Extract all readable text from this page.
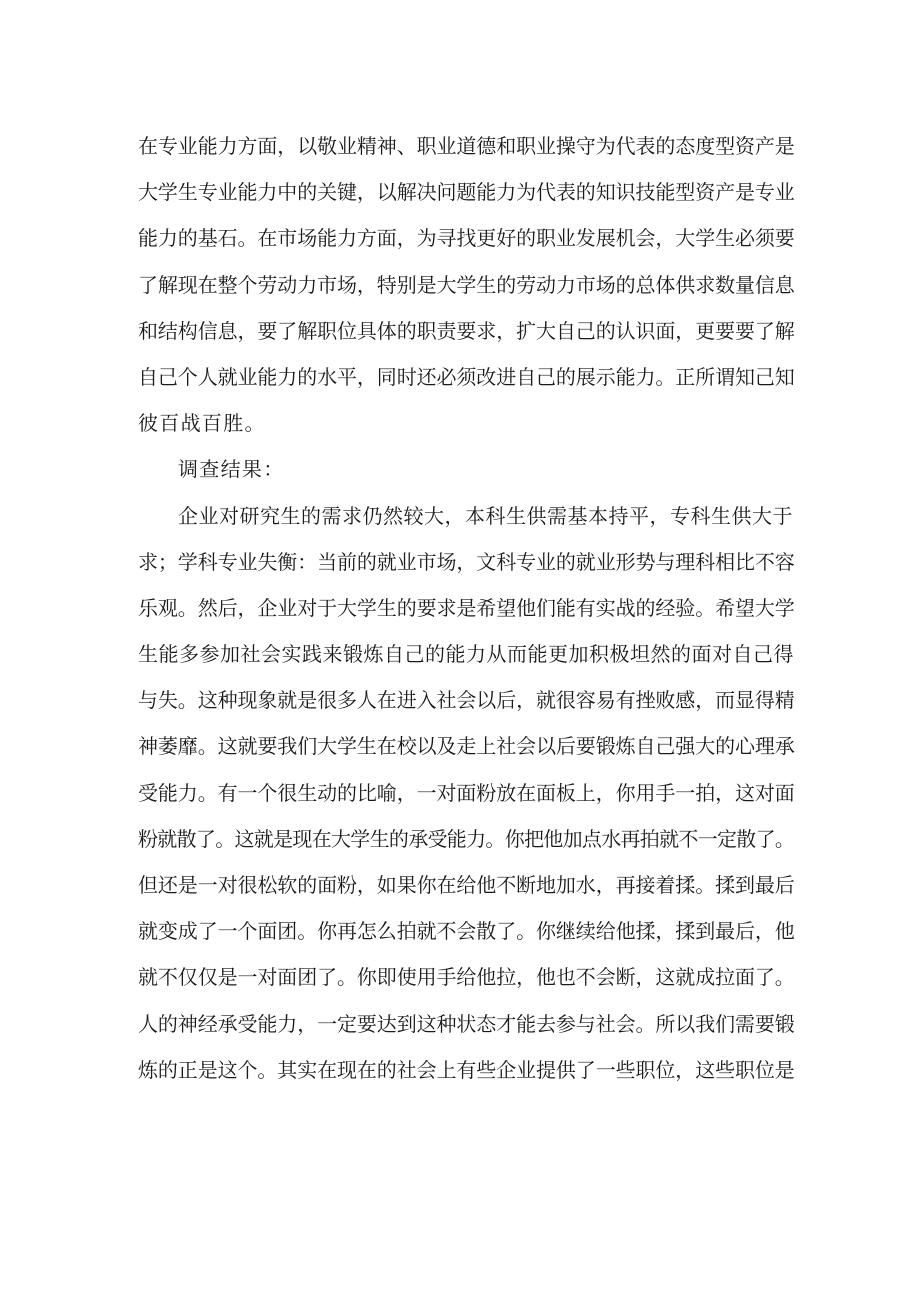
在专业能力方面，以敬业精神、职业道德和职业操守为代表的态度型资产是
大学生专业能力中的关键，以解决问题能力为代表的知识技能型资产是专业
能力的基石。在市场能力方面，为寻找更好的职业发展机会，大学生必须要
了解现在整个劳动力市场，特别是大学生的劳动力市场的总体供求数量信息
和结构信息，要了解职位具体的职责要求，扩大自己的认识面，更要要了解
自己个人就业能力的水平，同时还必须改进自己的展示能力。正所谓知己知
彼百战百胜。
调查结果：
企业对研究生的需求仍然较大，本科生供需基本持平，专科生供大于
求；学科专业失衡：当前的就业市场，文科专业的就业形势与理科相比不容
乐观。然后，企业对于大学生的要求是希望他们能有实战的经验。希望大学
生能多参加社会实践来锻炼自己的能力从而能更加积极坦然的面对自己得
与失。这种现象就是很多人在进入社会以后，就很容易有挫败感，而显得精
神萎靡。这就要我们大学生在校以及走上社会以后要锻炼自己强大的心理承
受能力。有一个很生动的比喻，一对面粉放在面板上，你用手一拍，这对面
粉就散了。这就是现在大学生的承受能力。你把他加点水再拍就不一定散了。
但还是一对很松软的面粉，如果你在给他不断地加水，再接着揉。揉到最后
就变成了一个面团。你再怎么拍就不会散了。你继续给他揉，揉到最后，他
就不仅仅是一对面团了。你即使用手给他拉，他也不会断，这就成拉面了。
人的神经承受能力，一定要达到这种状态才能去参与社会。所以我们需要锻
炼的正是这个。其实在现在的社会上有些企业提供了一些职位，这些职位是
